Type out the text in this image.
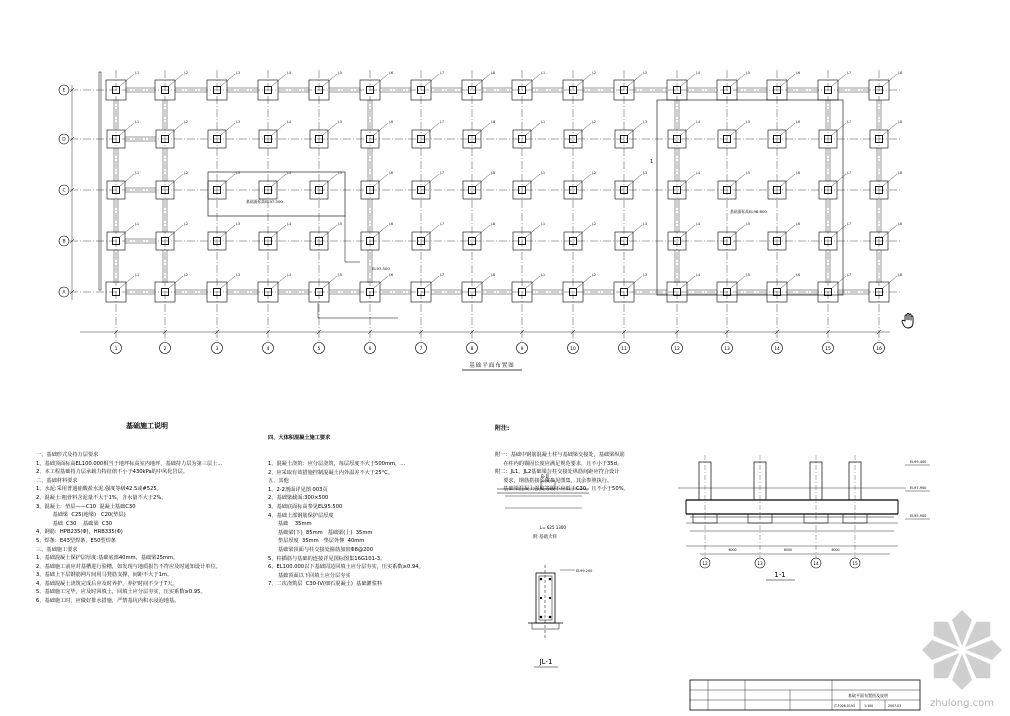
J-1	J-2	J-3	J-4	J-5	J-6	J-7	J-8	J-1	J-2	J-3	J-4	J-5	J-6	J-7	J-8
J-1	J-2	J-3	J-4	J-5	J-6	J-7	J-8	J-1	J-2	J-3	J-4	J-5	J-6	J-7	J-8
J-1	J-2	J-3	J-4	J-5	J-6	J-7	J-8	J-1	J-2	J-3	J-4	J-5	J-6	J-7	J-8
J-1	J-2	J-3	J-4	J-5	J-6	J-7	J-8	J-1	J-2	J-3	J-4	J-5	J-6	J-7	J-8
J-1	J-2	J-3	J-4	J-5	J-6	J-7	J-8	J-1	J-2	J-3	J-4	J-5	J-6	J-7	J-8
1	2	3	4	5	6	7	8	9	10	11	12	13	14	15	16
E
D
C
B
A
基础平面布置图
基础面标高EL97.500
基础面标高EL96.600
EL97.500
1
B-1
L= 625 1300
附 基础大样
EL99.200
JL-1
EL99.400
EL97.900
EL95.900
1-1
12	13	14	15
6000	6000	6000
基础平面布置图及说明
JT-F006-0193	1:100	2007.03

基础施工说明

一、基础形式及持力层要求
1、基础顶面标高EL100.000相当于地坪标高室内地坪，基础持力层为第三层土...
2、本工程基础持力层承载力特征值不小于430kPa的中风化岩层。
二、基础材料要求
1、水泥:采用普通硅酸盐水泥,强度等级42.5或#525。
2、混凝土:粗骨料含泥量不大于1%，含水量不大于2%。
3、混凝土:  垫层——C10  混凝土基础C30
基础梁  C25(地梁)   C20(垫层)
基础  C30    基础梁  C30
4、钢筋:  HPB235(Φ)，HRB335(Φ)
5、焊条:  E43型焊条、E50型焊条
三、基础施工要求
1、基础混凝土保护层厚度:基础底部40mm，基础梁25mm。
2、基础施工前应对基槽进行验槽，如发现与地质报告不符应及时通知设计单位。
3、基础上下层钢筋网片间用马凳筋支撑，间距不大于1m。
4、基础混凝土浇筑完成后应及时养护，养护时间不少于7天。
5、基础施工完毕，应及时回填土，回填土应分层夯实，压实系数≥0.95。
6、基础施工时，应做好排水措施，严禁基坑内积水浸泡地基。

四、大体积混凝土施工要求

1、混凝土浇筑：应分层浇筑，每层厚度不大于500mm，...
2、应采取有效措施控制混凝土内外温差不大于25°C。
五、其他
1、2-2剖面详见图 003页
2、基础梁截面:300×500
3、基础底面标高参见EL95.500
4、基础上部钢筋保护层厚度
基础    35mm
基础梁(下)  85mm   基础梁(上)  35mm
垫层厚度  35mm   垫层外伸  40mm
基础梁顶面与柱交接处箍筋加密Φ8@200
5、柱插筋与基础的连接详见国标图集16G101-3。
6、EL100.000以下基础周边回填土应分层夯实，压实系数≥0.94。
基础顶面以下回填土应分层夯实
7、二次浇筑层  C30-IV(细石混凝土)  基础灌浆料

附注:

附一：基础中钢筋混凝土柱与基础梁交接处，基础梁纵筋
在柱内的锚固长度应满足规范要求，且不小于35d。
附二：JL1、JL2基础梁与柱交接处纵筋间距应符合设计
要求，钢筋搭接长度参见图集，其余参照执行。
基础梁混凝土强度等级不应低于C30，且不小于50%。

zhulong.com
